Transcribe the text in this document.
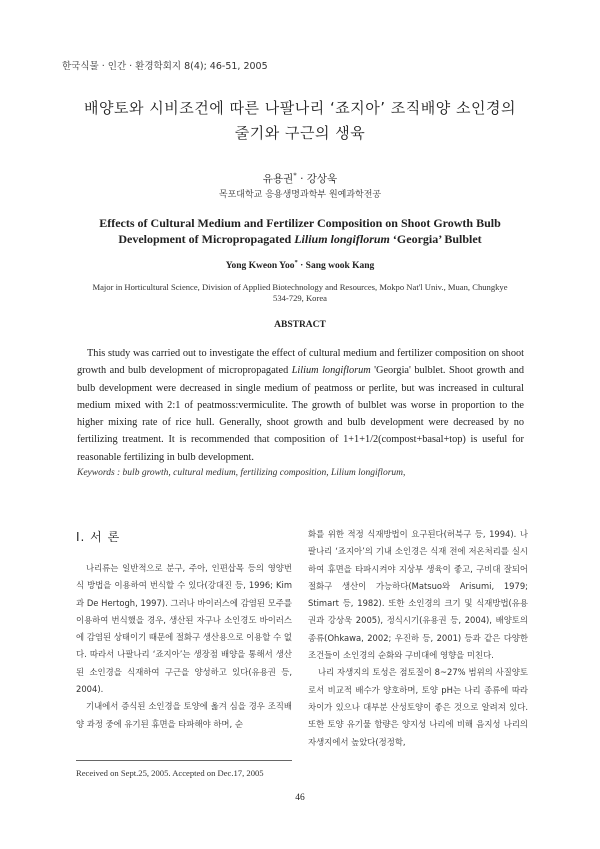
한국식물 · 인간 · 환경학회지 8(4); 46-51, 2005
배양토와 시비조건에 따른 나팔나리 ‘죠지아’ 조직배양 소인경의
줄기와 구근의 생육
유용권* · 강상욱
목포대학교 응용생명과학부 원예과학전공
Effects of Cultural Medium and Fertilizer Composition on Shoot Growth Bulb
Development of Micropropagated Lilium longiflorum ‘Georgia’ Bulblet
Yong Kweon Yoo* · Sang wook Kang
Major in Horticultural Science, Division of Applied Biotechnology and Resources, Mokpo Nat'l Univ., Muan, Chungkye
534-729, Korea
ABSTRACT

This study was carried out to investigate the effect of cultural medium and fertilizer composition on shoot growth and bulb development of micropropagated Lilium longiflorum 'Georgia' bulblet. Shoot growth and bulb development were decreased in single medium of peatmoss or perlite, but was increased in cultural medium mixed with 2:1 of peatmoss:vermiculite. The growth of bulblet was worse in proportion to the higher mixing rate of rice hull. Generally, shoot growth and bulb development were decreased by no fertilizing treatment. It is recommended that composition of 1+1+1/2(compost+basal+top) is useful for reasonable fertilizing in bulb development.

Keywords : bulb growth, cultural medium, fertilizing composition, Lilium longiflorum,
Ⅰ. 서 론

나리류는 일반적으로 분구, 주아, 인편삽목 등의 영양번식 방법을 이용하여 번식할 수 있다(강대진 등, 1996; Kim과 De Hertogh, 1997). 그러나 바이러스에 감염된 모주를 이용하여 번식했을 경우, 생산된 자구나 소인경도 바이러스에 감염된 상태이기 때문에 절화구 생산용으로 이용할 수 없다. 따라서 나팔나리 ‘죠지아’는 생장점 배양을 통해서 생산된 소인경을 식재하여 구근을 양성하고 있다(유용권 등, 2004).

기내에서 증식된 소인경을 토양에 옮겨 심을 경우 조직배양 과정 중에 유기된 휴면을 타파해야 하며, 순

화를 위한 적정 식재방법이 요구된다(허북구 등, 1994). 나팔나리 ‘죠지아’의 기내 소인경은 식재 전에 저온처리를 실시하여 휴면을 타파시켜야 지상부 생육이 좋고, 구비대 잘되어 절화구 생산이 가능하다(Matsuo와 Arisumi, 1979; Stimart 등, 1982). 또한 소인경의 크기 및 식재방법(유용권과 강상욱 2005), 정식시기(유용권 등, 2004), 배양토의 종류(Ohkawa, 2002; 우진하 등, 2001) 등과 같은 다양한 조건들이 소인경의 순화와 구비대에 영향을 미친다.

나리 자생지의 토성은 점토질이 8~27% 범위의 사질양토로서 비교적 배수가 양호하며, 토양 pH는 나리 종류에 따라 차이가 있으나 대부분 산성토양이 좋은 것으로 알려져 있다. 또한 토양 유기물 함량은 양지성 나리에 비해 음지성 나리의 자생지에서 높았다(정정학,

Received on Sept.25, 2005. Accepted on Dec.17, 2005
46
